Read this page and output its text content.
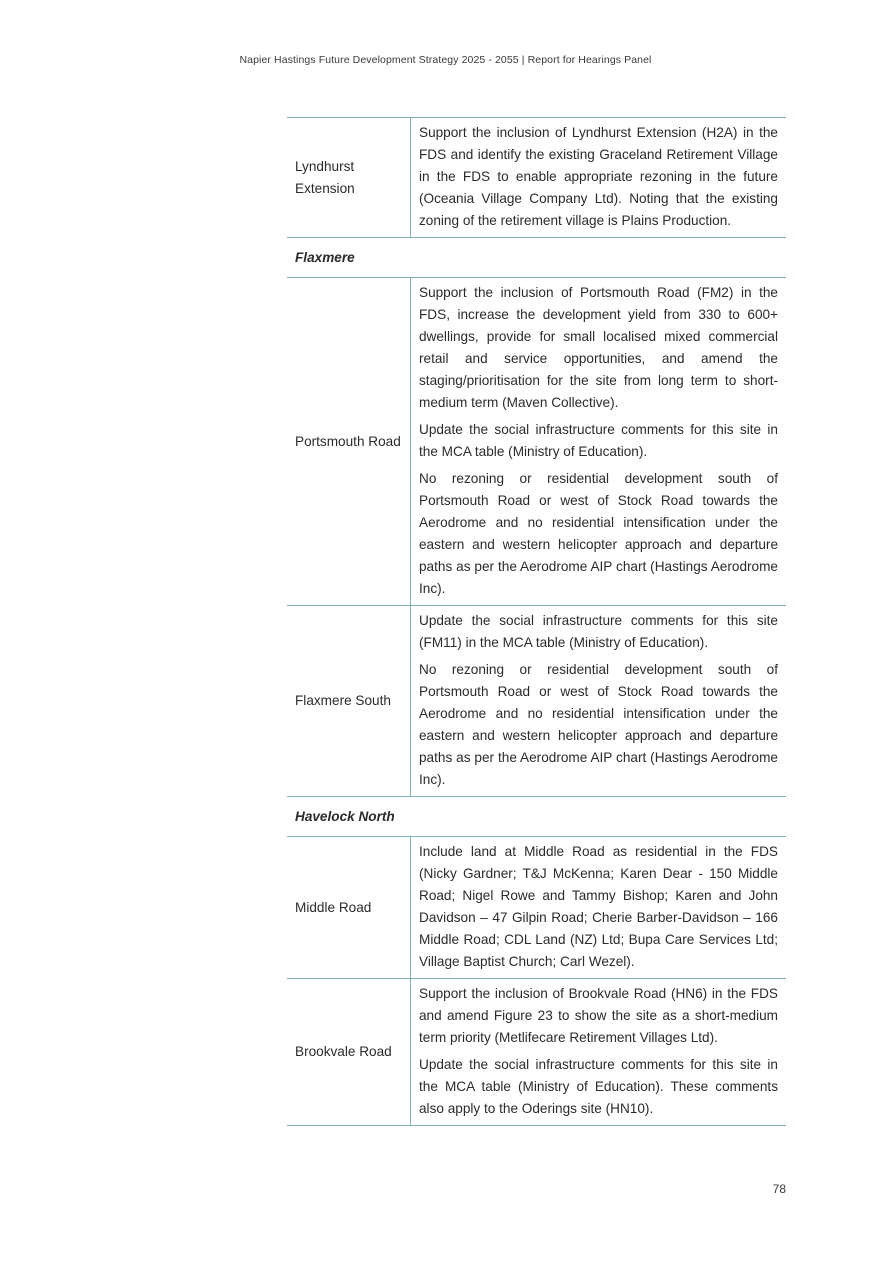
Napier Hastings Future Development Strategy 2025 - 2055 | Report for Hearings Panel
Lyndhurst Extension

Support the inclusion of Lyndhurst Extension (H2A) in the FDS and identify the existing Graceland Retirement Village in the FDS to enable appropriate rezoning in the future (Oceania Village Company Ltd). Noting that the existing zoning of the retirement village is Plains Production.

Flaxmere
Portsmouth Road

Support the inclusion of Portsmouth Road (FM2) in the FDS, increase the development yield from 330 to 600+ dwellings, provide for small localised mixed commercial retail and service opportunities, and amend the staging/prioritisation for the site from long term to short-medium term (Maven Collective).

Update the social infrastructure comments for this site in the MCA table (Ministry of Education).

No rezoning or residential development south of Portsmouth Road or west of Stock Road towards the Aerodrome and no residential intensification under the eastern and western helicopter approach and departure paths as per the Aerodrome AIP chart (Hastings Aerodrome Inc).

Flaxmere South

Update the social infrastructure comments for this site (FM11) in the MCA table (Ministry of Education).

No rezoning or residential development south of Portsmouth Road or west of Stock Road towards the Aerodrome and no residential intensification under the eastern and western helicopter approach and departure paths as per the Aerodrome AIP chart (Hastings Aerodrome Inc).

Havelock North
Middle Road

Include land at Middle Road as residential in the FDS (Nicky Gardner; T&J McKenna; Karen Dear - 150 Middle Road; Nigel Rowe and Tammy Bishop; Karen and John Davidson – 47 Gilpin Road; Cherie Barber-Davidson – 166 Middle Road; CDL Land (NZ) Ltd; Bupa Care Services Ltd; Village Baptist Church; Carl Wezel).

Brookvale Road

Support the inclusion of Brookvale Road (HN6) in the FDS and amend Figure 23 to show the site as a short-medium term priority (Metlifecare Retirement Villages Ltd).

Update the social infrastructure comments for this site in the MCA table (Ministry of Education). These comments also apply to the Oderings site (HN10).

78
